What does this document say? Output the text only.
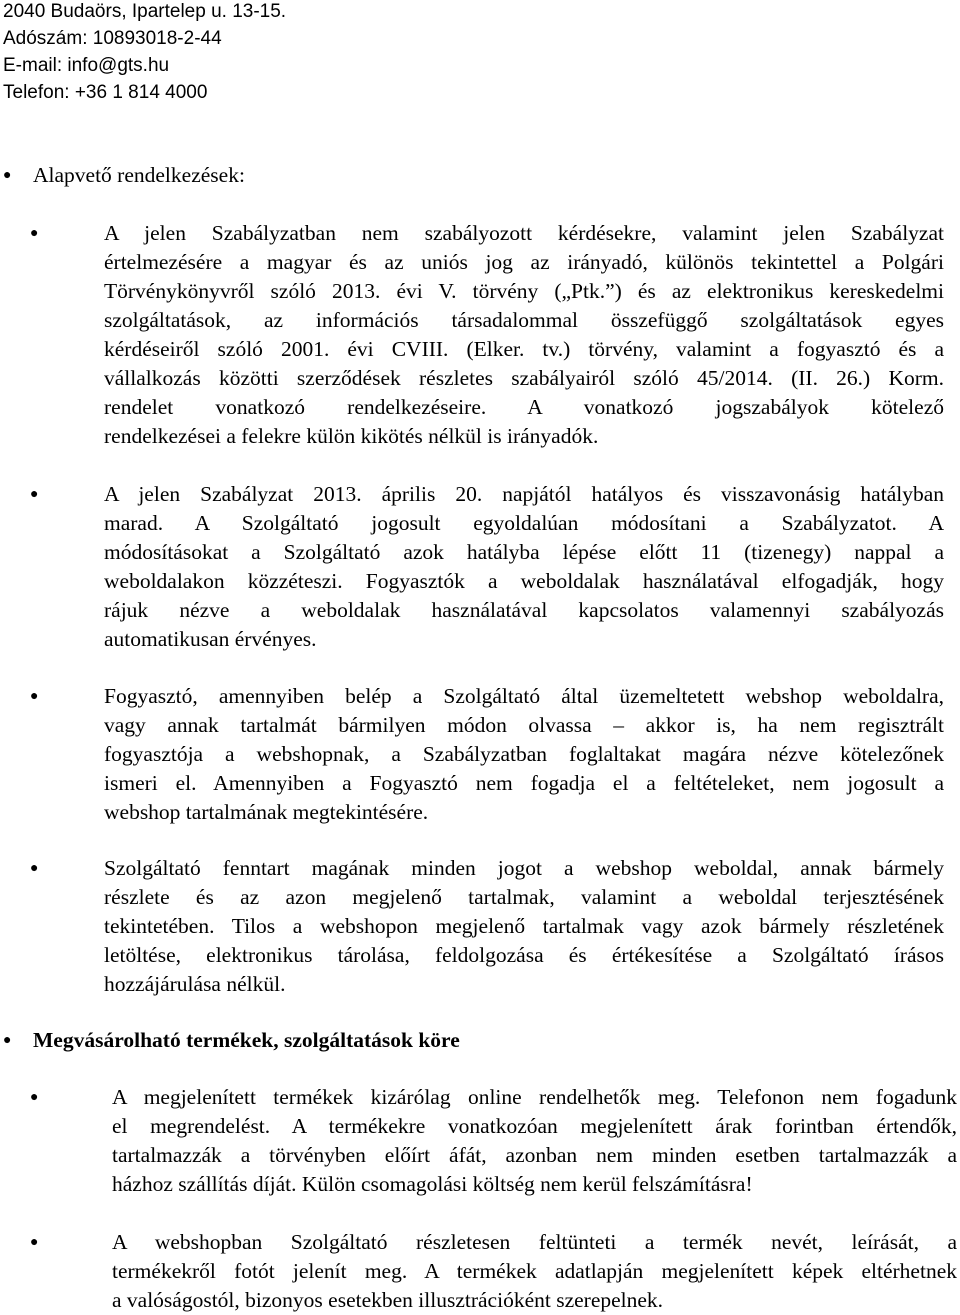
2040 Budaörs, Ipartelep u. 13-15.
Adószám: 10893018-2-44
E-mail: info@gts.hu
Telefon: +36 1 814 4000
● Alapvető rendelkezések:
●	A jelen Szabályzatban nem szabályozott kérdésekre, valamint jelen Szabályzat
értelmezésére a magyar és az uniós jog az irányadó, különös tekintettel a Polgári
Törvénykönyvről szóló 2013. évi V. törvény („Ptk.”) és az elektronikus kereskedelmi
szolgáltatások, az információs társadalommal összefüggő szolgáltatások egyes
kérdéseiről szóló 2001. évi CVIII. (Elker. tv.) törvény, valamint a fogyasztó és a
vállalkozás közötti szerződések részletes szabályairól szóló 45/2014. (II. 26.) Korm.
rendelet vonatkozó rendelkezéseire. A vonatkozó jogszabályok kötelező
rendelkezései a felekre külön kikötés nélkül is irányadók.
●	A jelen Szabályzat 2013. április 20. napjától hatályos és visszavonásig hatályban
marad. A Szolgáltató jogosult egyoldalúan módosítani a Szabályzatot. A
módosításokat a Szolgáltató azok hatályba lépése előtt 11 (tizenegy) nappal a
weboldalakon közzéteszi. Fogyasztók a weboldalak használatával elfogadják, hogy
rájuk nézve a weboldalak használatával kapcsolatos valamennyi szabályozás
automatikusan érvényes.
●	Fogyasztó, amennyiben belép a Szolgáltató által üzemeltetett webshop weboldalra,
vagy annak tartalmát bármilyen módon olvassa – akkor is, ha nem regisztrált
fogyasztója a webshopnak, a Szabályzatban foglaltakat magára nézve kötelezőnek
ismeri el. Amennyiben a Fogyasztó nem fogadja el a feltételeket, nem jogosult a
webshop tartalmának megtekintésére.
●	Szolgáltató fenntart magának minden jogot a webshop weboldal, annak bármely
részlete és az azon megjelenő tartalmak, valamint a weboldal terjesztésének
tekintetében. Tilos a webshopon megjelenő tartalmak vagy azok bármely részletének
letöltése, elektronikus tárolása, feldolgozása és értékesítése a Szolgáltató írásos
hozzájárulása nélkül.
● Megvásárolható termékek, szolgáltatások köre
●	A megjelenített termékek kizárólag online rendelhetők meg. Telefonon nem fogadunk
el megrendelést. A termékekre vonatkozóan megjelenített árak forintban értendők,
tartalmazzák a törvényben előírt áfát, azonban nem minden esetben tartalmazzák a
házhoz szállítás díját. Külön csomagolási költség nem kerül felszámításra!
●	A webshopban Szolgáltató részletesen feltünteti a termék nevét, leírását, a
termékekről fotót jelenít meg. A termékek adatlapján megjelenített képek eltérhetnek
a valóságostól, bizonyos esetekben illusztrációként szerepelnek.
